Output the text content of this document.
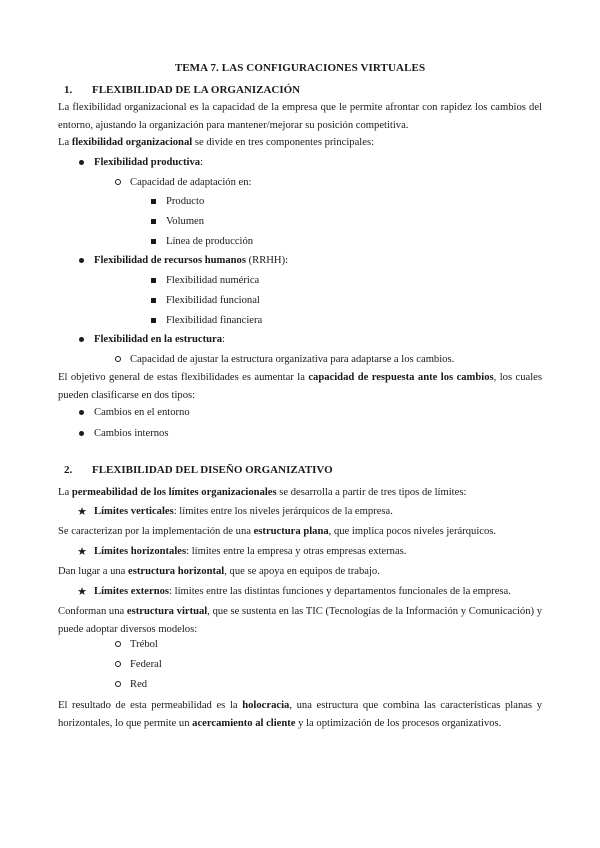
TEMA 7. LAS CONFIGURACIONES VIRTUALES
1. FLEXIBILIDAD DE LA ORGANIZACIÓN
La flexibilidad organizacional es la capacidad de la empresa que le permite afrontar con rapidez los cambios del entorno, ajustando la organización para mantener/mejorar su posición competitiva.
La flexibilidad organizacional se divide en tres componentes principales:
Flexibilidad productiva:
Capacidad de adaptación en:
Producto
Volumen
Línea de producción
Flexibilidad de recursos humanos (RRHH):
Flexibilidad numérica
Flexibilidad funcional
Flexibilidad financiera
Flexibilidad en la estructura:
Capacidad de ajustar la estructura organizativa para adaptarse a los cambios.
El objetivo general de estas flexibilidades es aumentar la capacidad de respuesta ante los cambios, los cuales pueden clasificarse en dos tipos:
Cambios en el entorno
Cambios internos
2. FLEXIBILIDAD DEL DISEÑO ORGANIZATIVO
La permeabilidad de los límites organizacionales se desarrolla a partir de tres tipos de límites:
★ Límites verticales: límites entre los niveles jerárquicos de la empresa.
Se caracterizan por la implementación de una estructura plana, que implica pocos niveles jerárquicos.
★ Límites horizontales: límites entre la empresa y otras empresas externas.
Dan lugar a una estructura horizontal, que se apoya en equipos de trabajo.
★ Límites externos: límites entre las distintas funciones y departamentos funcionales de la empresa.
Conforman una estructura virtual, que se sustenta en las TIC (Tecnologías de la Información y Comunicación) y puede adoptar diversos modelos:
Trébol
Federal
Red
El resultado de esta permeabilidad es la holocracia, una estructura que combina las características planas y horizontales, lo que permite un acercamiento al cliente y la optimización de los procesos organizativos.
